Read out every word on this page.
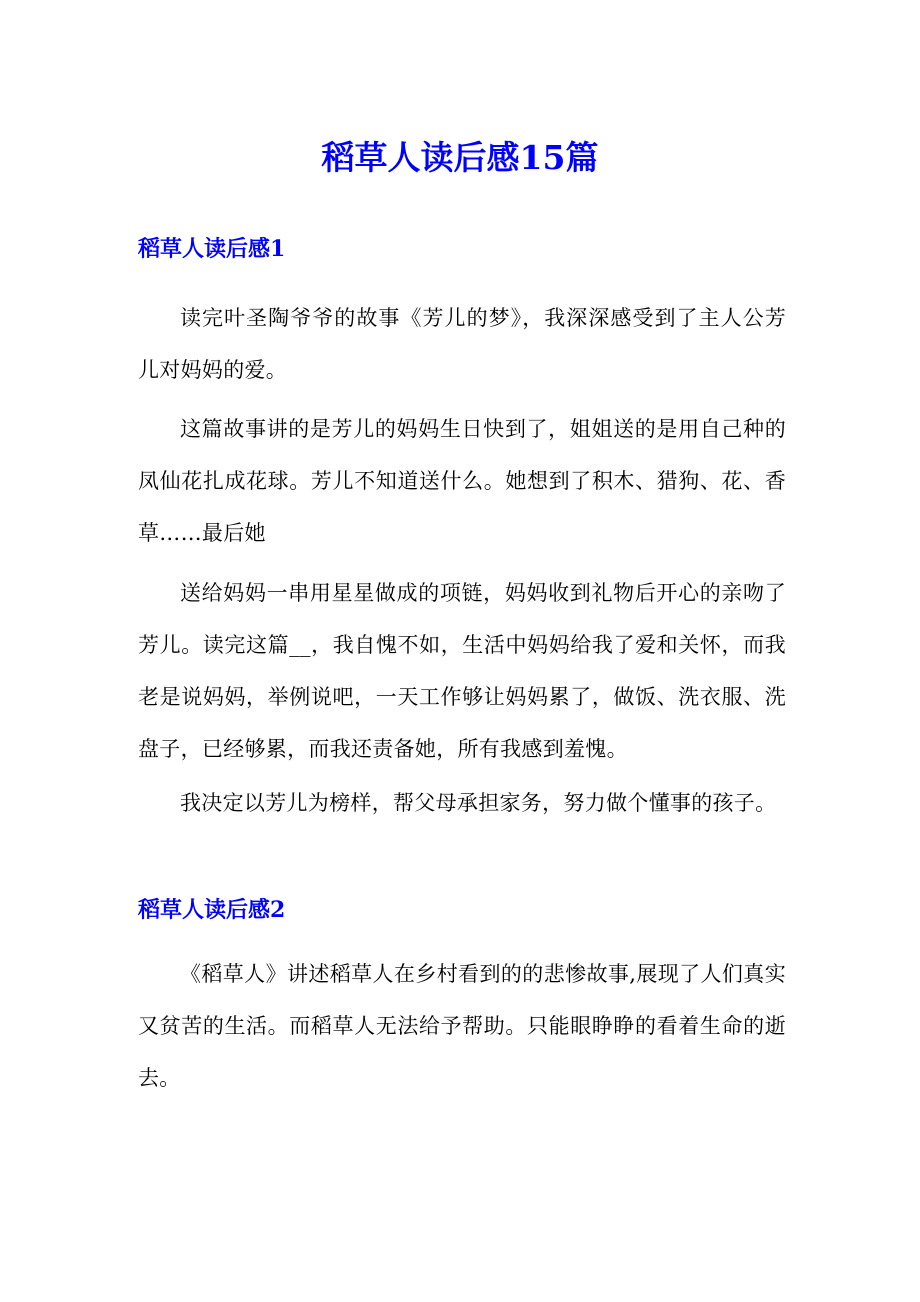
稻草人读后感15篇
稻草人读后感1

读完叶圣陶爷爷的故事《芳儿的梦》，我深深感受到了主人公芳儿对妈妈的爱。

这篇故事讲的是芳儿的妈妈生日快到了，姐姐送的是用自己种的凤仙花扎成花球。芳儿不知道送什么。她想到了积木、猎狗、花、香草……最后她

送给妈妈一串用星星做成的项链，妈妈收到礼物后开心的亲吻了芳儿。读完这篇__，我自愧不如，生活中妈妈给我了爱和关怀，而我老是说妈妈，举例说吧，一天工作够让妈妈累了，做饭、洗衣服、洗盘子，已经够累，而我还责备她，所有我感到羞愧。

我决定以芳儿为榜样，帮父母承担家务，努力做个懂事的孩子。

稻草人读后感2

《稻草人》讲述稻草人在乡村看到的的悲惨故事,展现了人们真实又贫苦的生活。而稻草人无法给予帮助。只能眼睁睁的看着生命的逝去。
